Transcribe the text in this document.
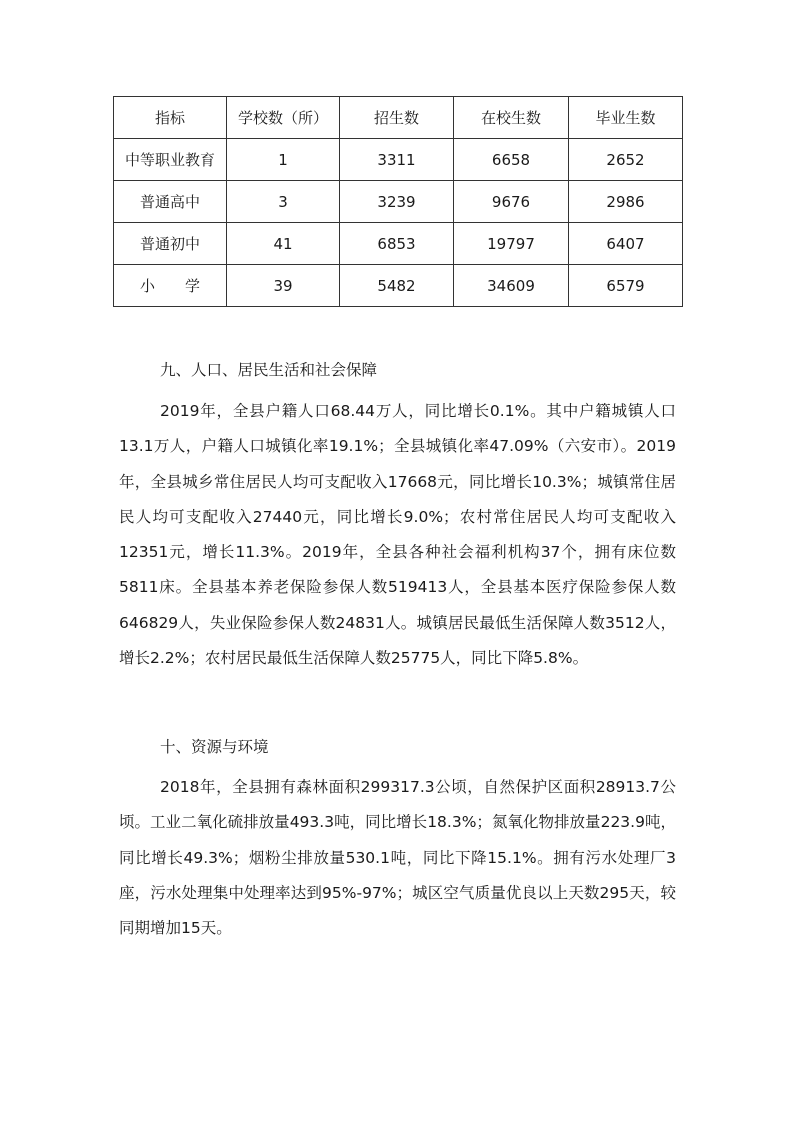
指标	学校数（所）	招生数	在校生数	毕业生数
中等职业教育	1	3311	6658	2652
普通高中	3	3239	9676	2986
普通初中	41	6853	19797	6407
小　　学	39	5482	34609	6579
九、人口、居民生活和社会保障

2019年，全县户籍人口68.44万人，同比增长0.1%。其中户籍城镇人口13.1万人，户籍人口城镇化率19.1%；全县城镇化率47.09%（六安市）。2019年，全县城乡常住居民人均可支配收入17668元，同比增长10.3%；城镇常住居民人均可支配收入27440元，同比增长9.0%；农村常住居民人均可支配收入12351元，增长11.3%。2019年，全县各种社会福利机构37个，拥有床位数5811床。全县基本养老保险参保人数519413人，全县基本医疗保险参保人数646829人，失业保险参保人数24831人。城镇居民最低生活保障人数3512人，增长2.2%；农村居民最低生活保障人数25775人，同比下降5.8%。

十、资源与环境

2018年，全县拥有森林面积299317.3公顷，自然保护区面积28913.7公顷。工业二氧化硫排放量493.3吨，同比增长18.3%；氮氧化物排放量223.9吨，同比增长49.3%；烟粉尘排放量530.1吨，同比下降15.1%。拥有污水处理厂3座，污水处理集中处理率达到95%-97%；城区空气质量优良以上天数295天，较同期增加15天。
